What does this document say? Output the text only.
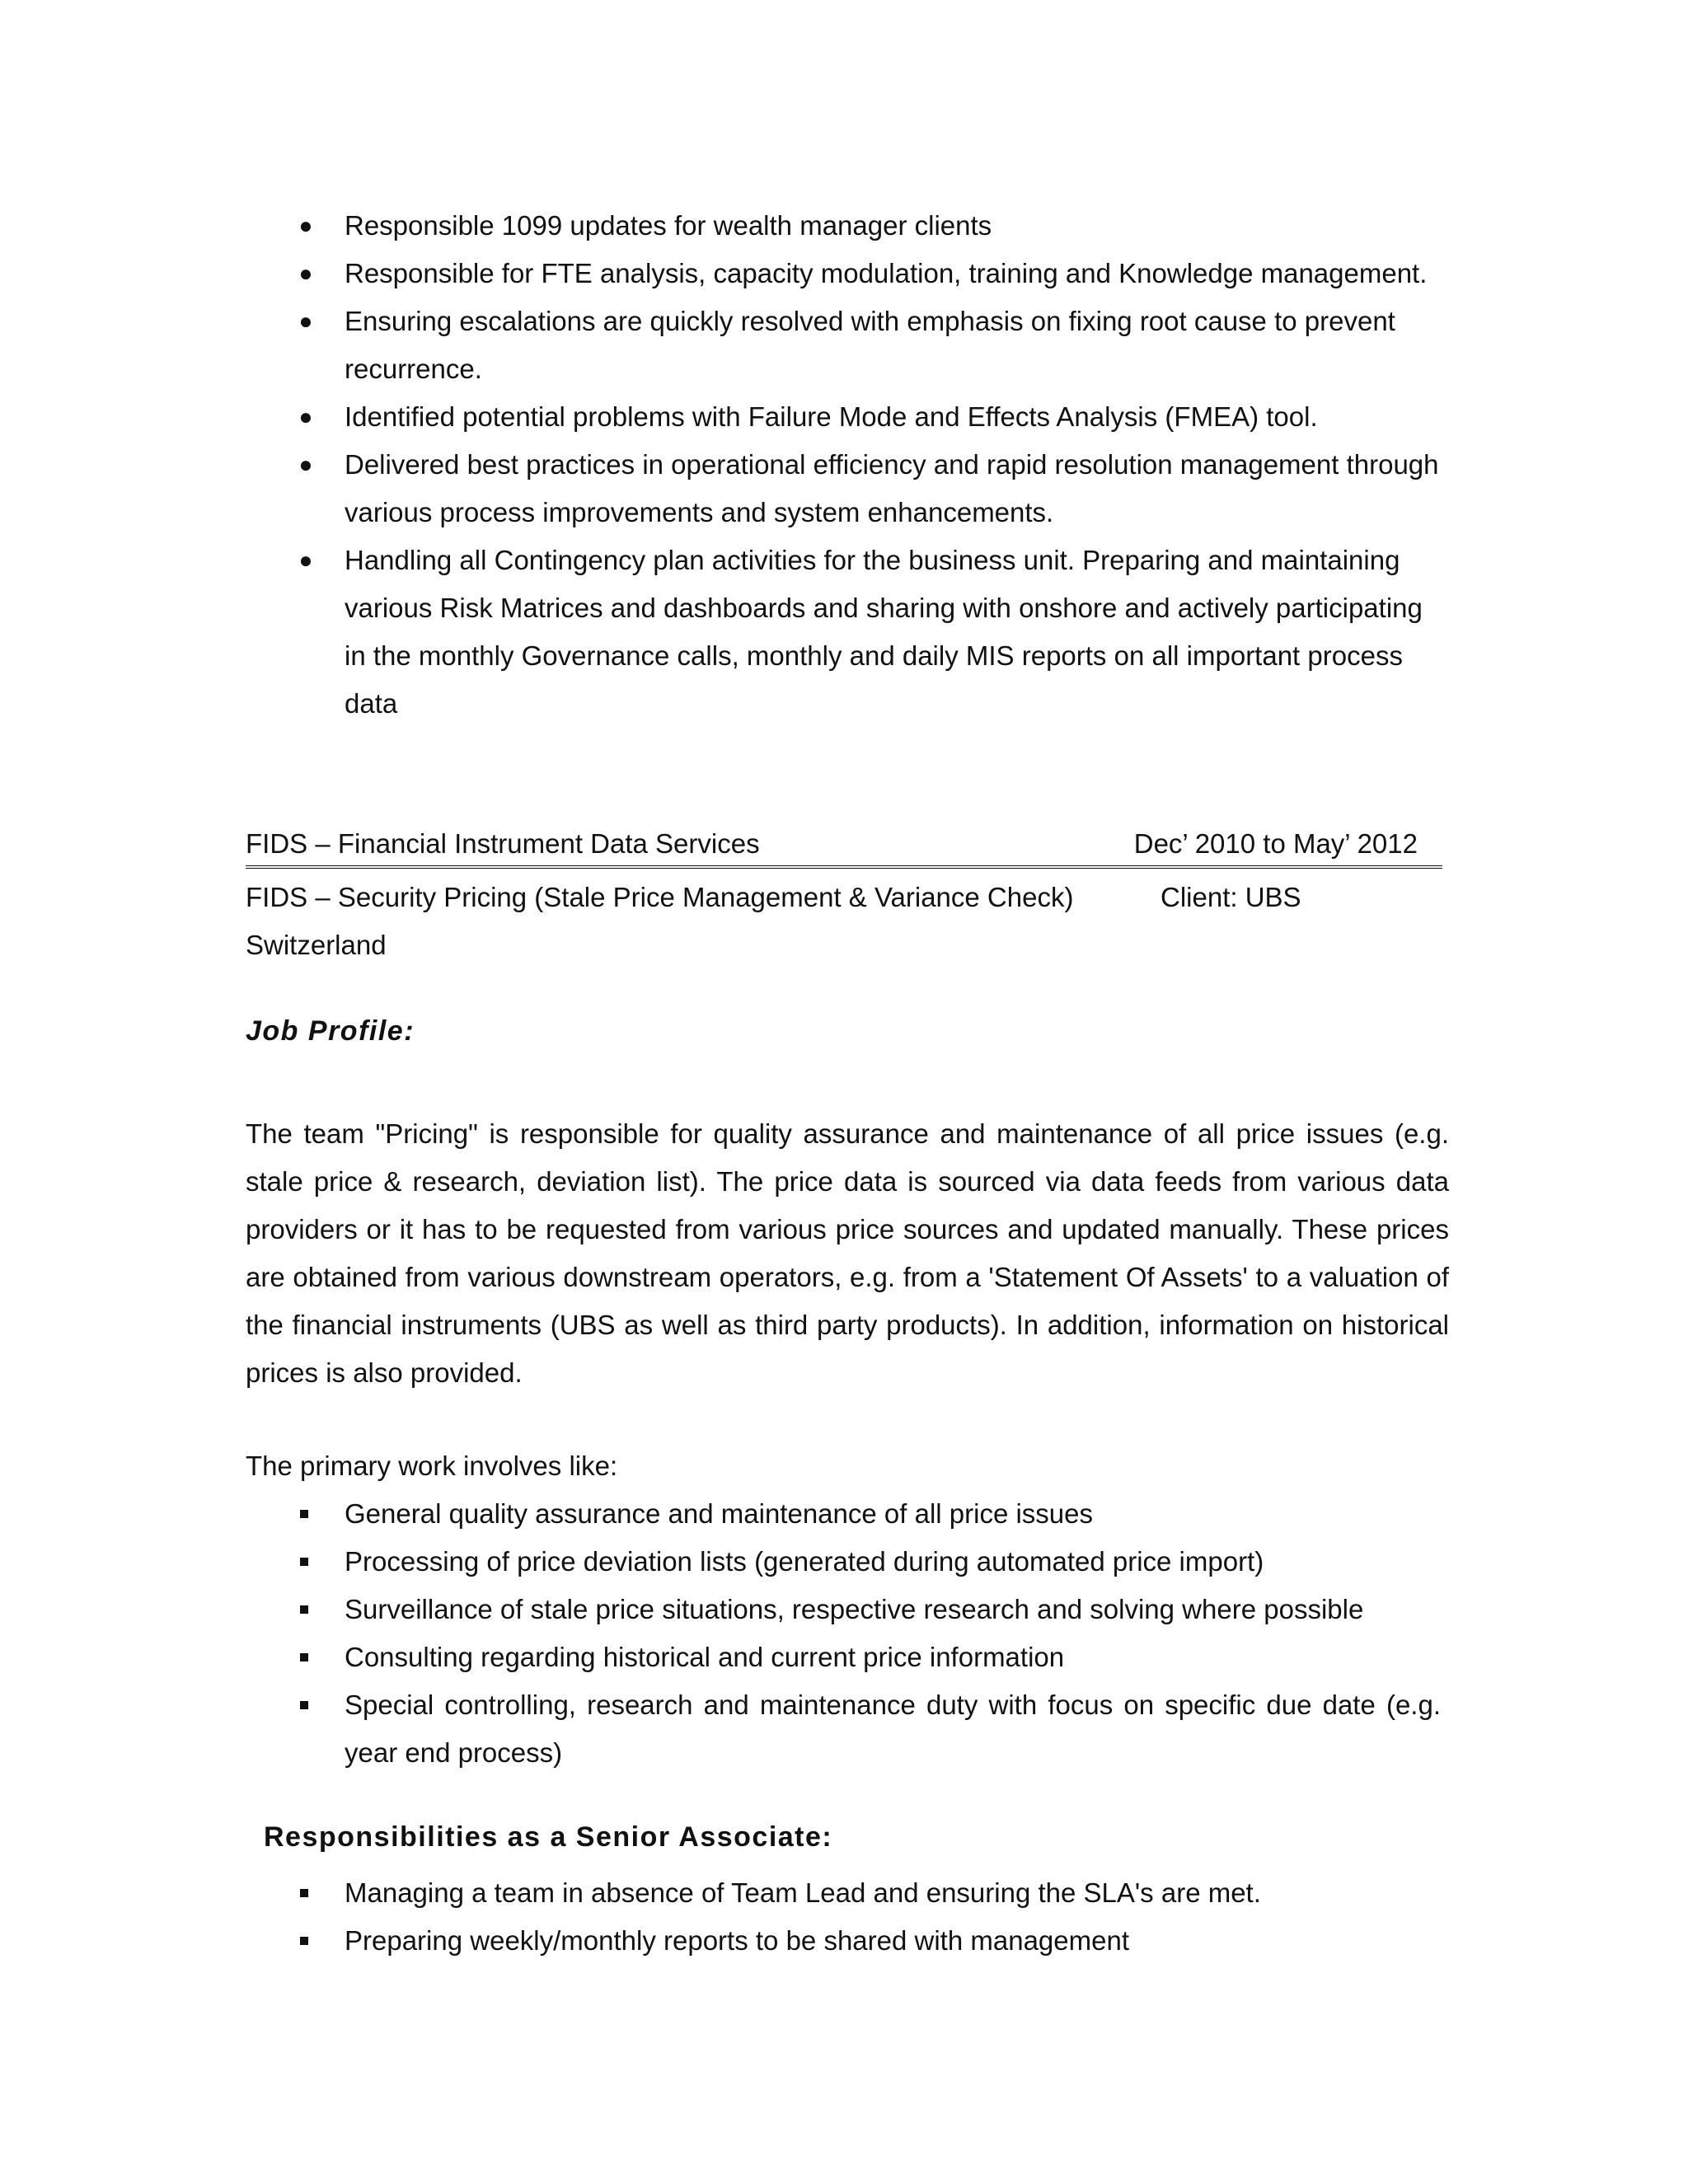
● Responsible 1099 updates for wealth manager clients
● Responsible for FTE analysis, capacity modulation, training and Knowledge management.
● Ensuring escalations are quickly resolved with emphasis on fixing root cause to prevent recurrence.
● Identified potential problems with Failure Mode and Effects Analysis (FMEA) tool.
● Delivered best practices in operational efficiency and rapid resolution management through various process improvements and system enhancements.
● Handling all Contingency plan activities for the business unit. Preparing and maintaining various Risk Matrices and dashboards and sharing with onshore and actively participating in the monthly Governance calls, monthly and daily MIS reports on all important process data
FIDS – Financial Instrument Data Services	Dec’ 2010 to May’ 2012
FIDS – Security Pricing (Stale Price Management & Variance Check)	Client: UBS

Switzerland
Job Profile:
The team "Pricing" is responsible for quality assurance and maintenance of all price issues (e.g. stale price & research, deviation list). The price data is sourced via data feeds from various data providers or it has to be requested from various price sources and updated manually. These prices are obtained from various downstream operators, e.g. from a 'Statement Of Assets' to a valuation of the financial instruments (UBS as well as third party products). In addition, information on historical prices is also provided.
The primary work involves like:
General quality assurance and maintenance of all price issues
Processing of price deviation lists (generated during automated price import)
Surveillance of stale price situations, respective research and solving where possible
Consulting regarding historical and current price information
Special controlling, research and maintenance duty with focus on specific due date (e.g. year end process)
Responsibilities as a Senior Associate:
Managing a team in absence of Team Lead and ensuring the SLA's are met.
Preparing weekly/monthly reports to be shared with management
